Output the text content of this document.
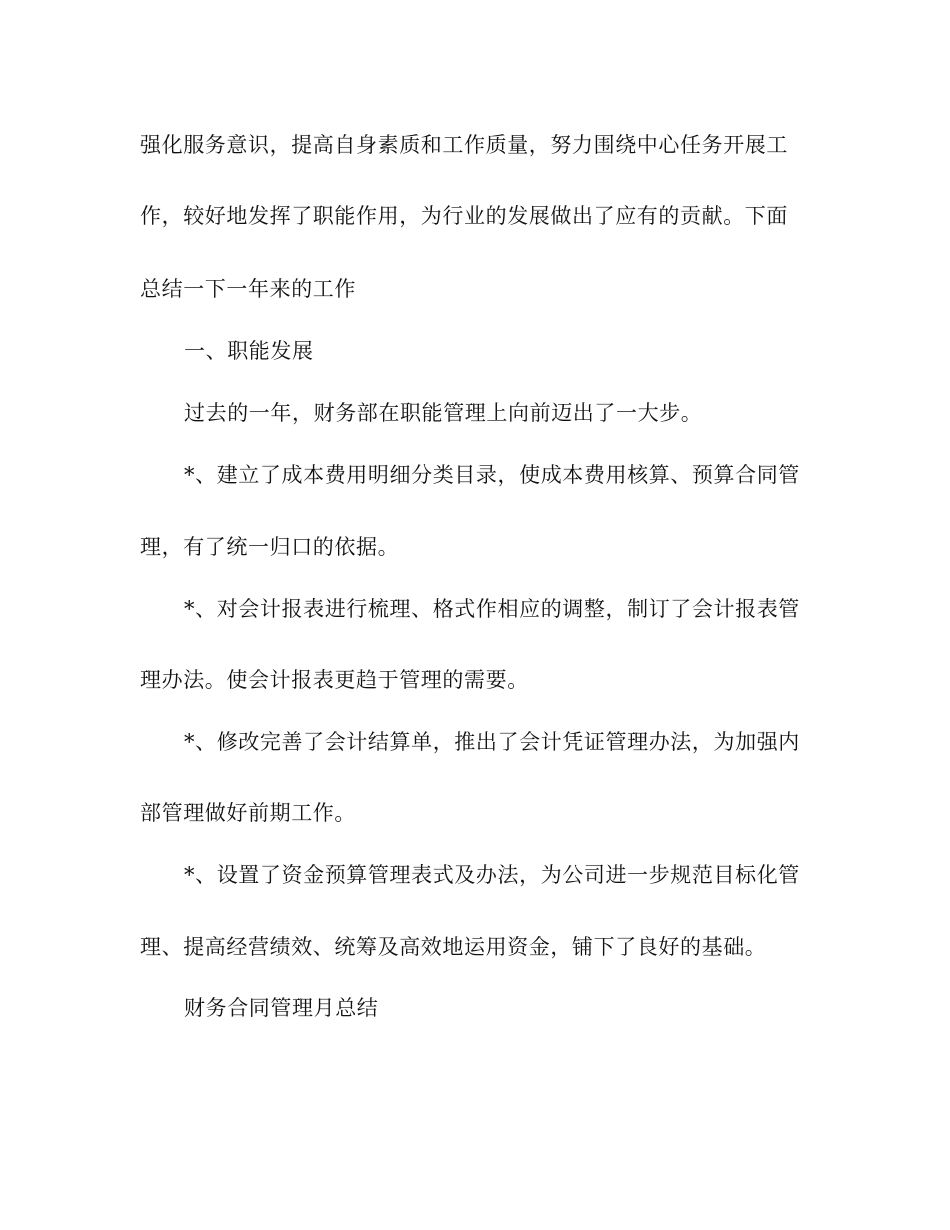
强化服务意识，提高自身素质和工作质量，努力围绕中心任务开展工
作，较好地发挥了职能作用，为行业的发展做出了应有的贡献。下面
总结一下一年来的工作
一、职能发展
过去的一年，财务部在职能管理上向前迈出了一大步。
*、建立了成本费用明细分类目录，使成本费用核算、预算合同管
理，有了统一归口的依据。
*、对会计报表进行梳理、格式作相应的调整，制订了会计报表管
理办法。使会计报表更趋于管理的需要。
*、修改完善了会计结算单，推出了会计凭证管理办法，为加强内
部管理做好前期工作。
*、设置了资金预算管理表式及办法，为公司进一步规范目标化管
理、提高经营绩效、统筹及高效地运用资金，铺下了良好的基础。
财务合同管理月总结
